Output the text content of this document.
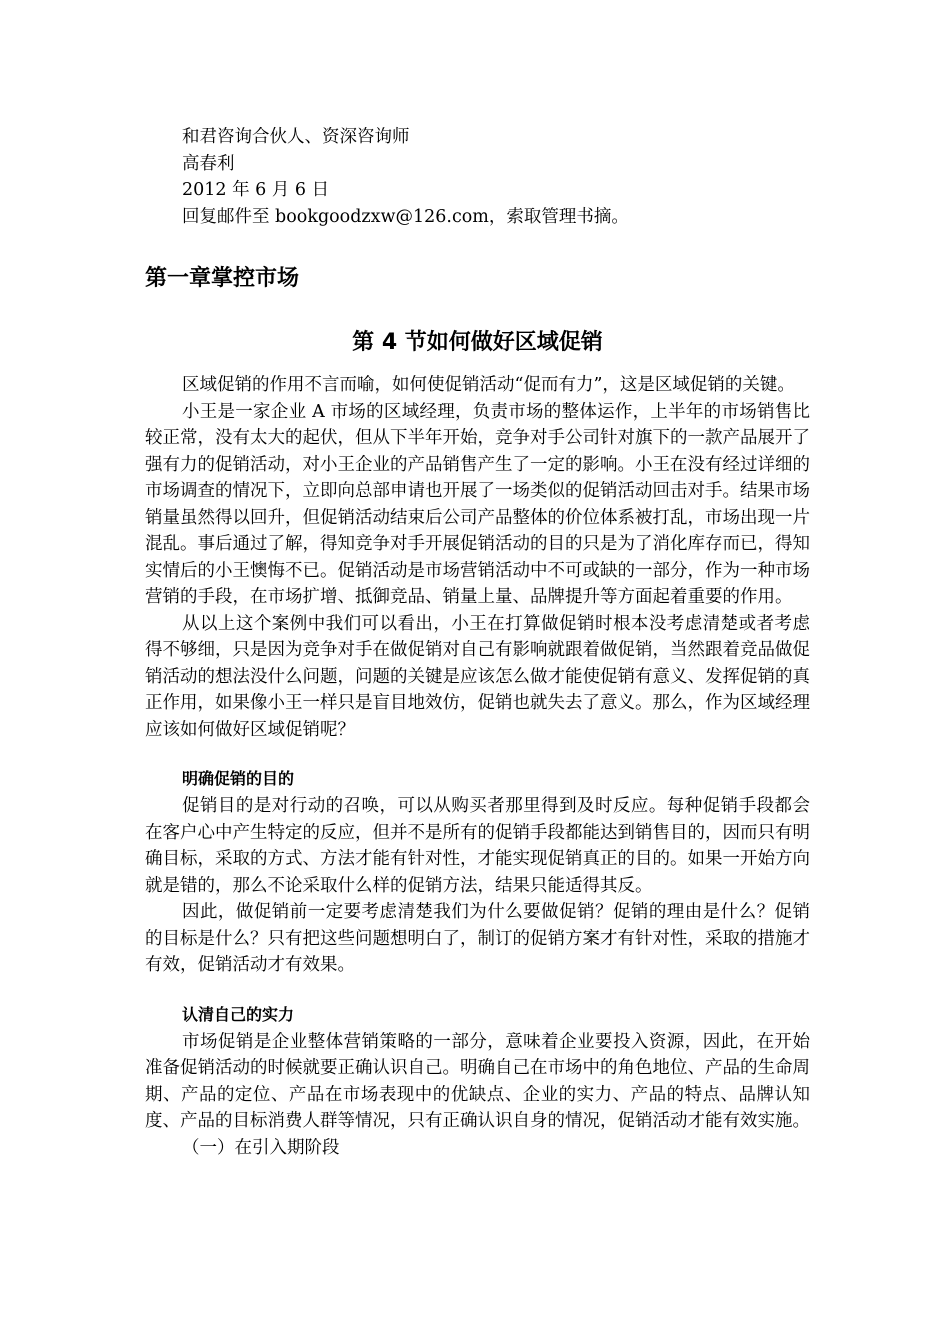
和君咨询合伙人、资深咨询师

高春利

2012 年 6 月 6 日

回复邮件至 bookgoodzxw@126.com，索取管理书摘。

第一章掌控市场
第 4 节如何做好区域促销

区域促销的作用不言而喻，如何使促销活动“促而有力”，这是区域促销的关键。

小王是一家企业 A 市场的区域经理，负责市场的整体运作，上半年的市场销售比较正常，没有太大的起伏，但从下半年开始，竞争对手公司针对旗下的一款产品展开了强有力的促销活动，对小王企业的产品销售产生了一定的影响。小王在没有经过详细的市场调查的情况下，立即向总部申请也开展了一场类似的促销活动回击对手。结果市场销量虽然得以回升，但促销活动结束后公司产品整体的价位体系被打乱，市场出现一片混乱。事后通过了解，得知竞争对手开展促销活动的目的只是为了消化库存而已，得知实情后的小王懊悔不已。促销活动是市场营销活动中不可或缺的一部分，作为一种市场营销的手段，在市场扩增、抵御竞品、销量上量、品牌提升等方面起着重要的作用。

从以上这个案例中我们可以看出，小王在打算做促销时根本没考虑清楚或者考虑得不够细，只是因为竞争对手在做促销对自己有影响就跟着做促销，当然跟着竞品做促销活动的想法没什么问题，问题的关键是应该怎么做才能使促销有意义、发挥促销的真正作用，如果像小王一样只是盲目地效仿，促销也就失去了意义。那么，作为区域经理应该如何做好区域促销呢？

明确促销的目的

促销目的是对行动的召唤，可以从购买者那里得到及时反应。每种促销手段都会在客户心中产生特定的反应，但并不是所有的促销手段都能达到销售目的，因而只有明确目标，采取的方式、方法才能有针对性，才能实现促销真正的目的。如果一开始方向就是错的，那么不论采取什么样的促销方法，结果只能适得其反。

因此，做促销前一定要考虑清楚我们为什么要做促销？促销的理由是什么？促销的目标是什么？只有把这些问题想明白了，制订的促销方案才有针对性，采取的措施才有效，促销活动才有效果。

认清自己的实力

市场促销是企业整体营销策略的一部分，意味着企业要投入资源，因此，在开始准备促销活动的时候就要正确认识自己。明确自己在市场中的角色地位、产品的生命周期、产品的定位、产品在市场表现中的优缺点、企业的实力、产品的特点、品牌认知度、产品的目标消费人群等情况，只有正确认识自身的情况，促销活动才能有效实施。

（一）在引入期阶段
